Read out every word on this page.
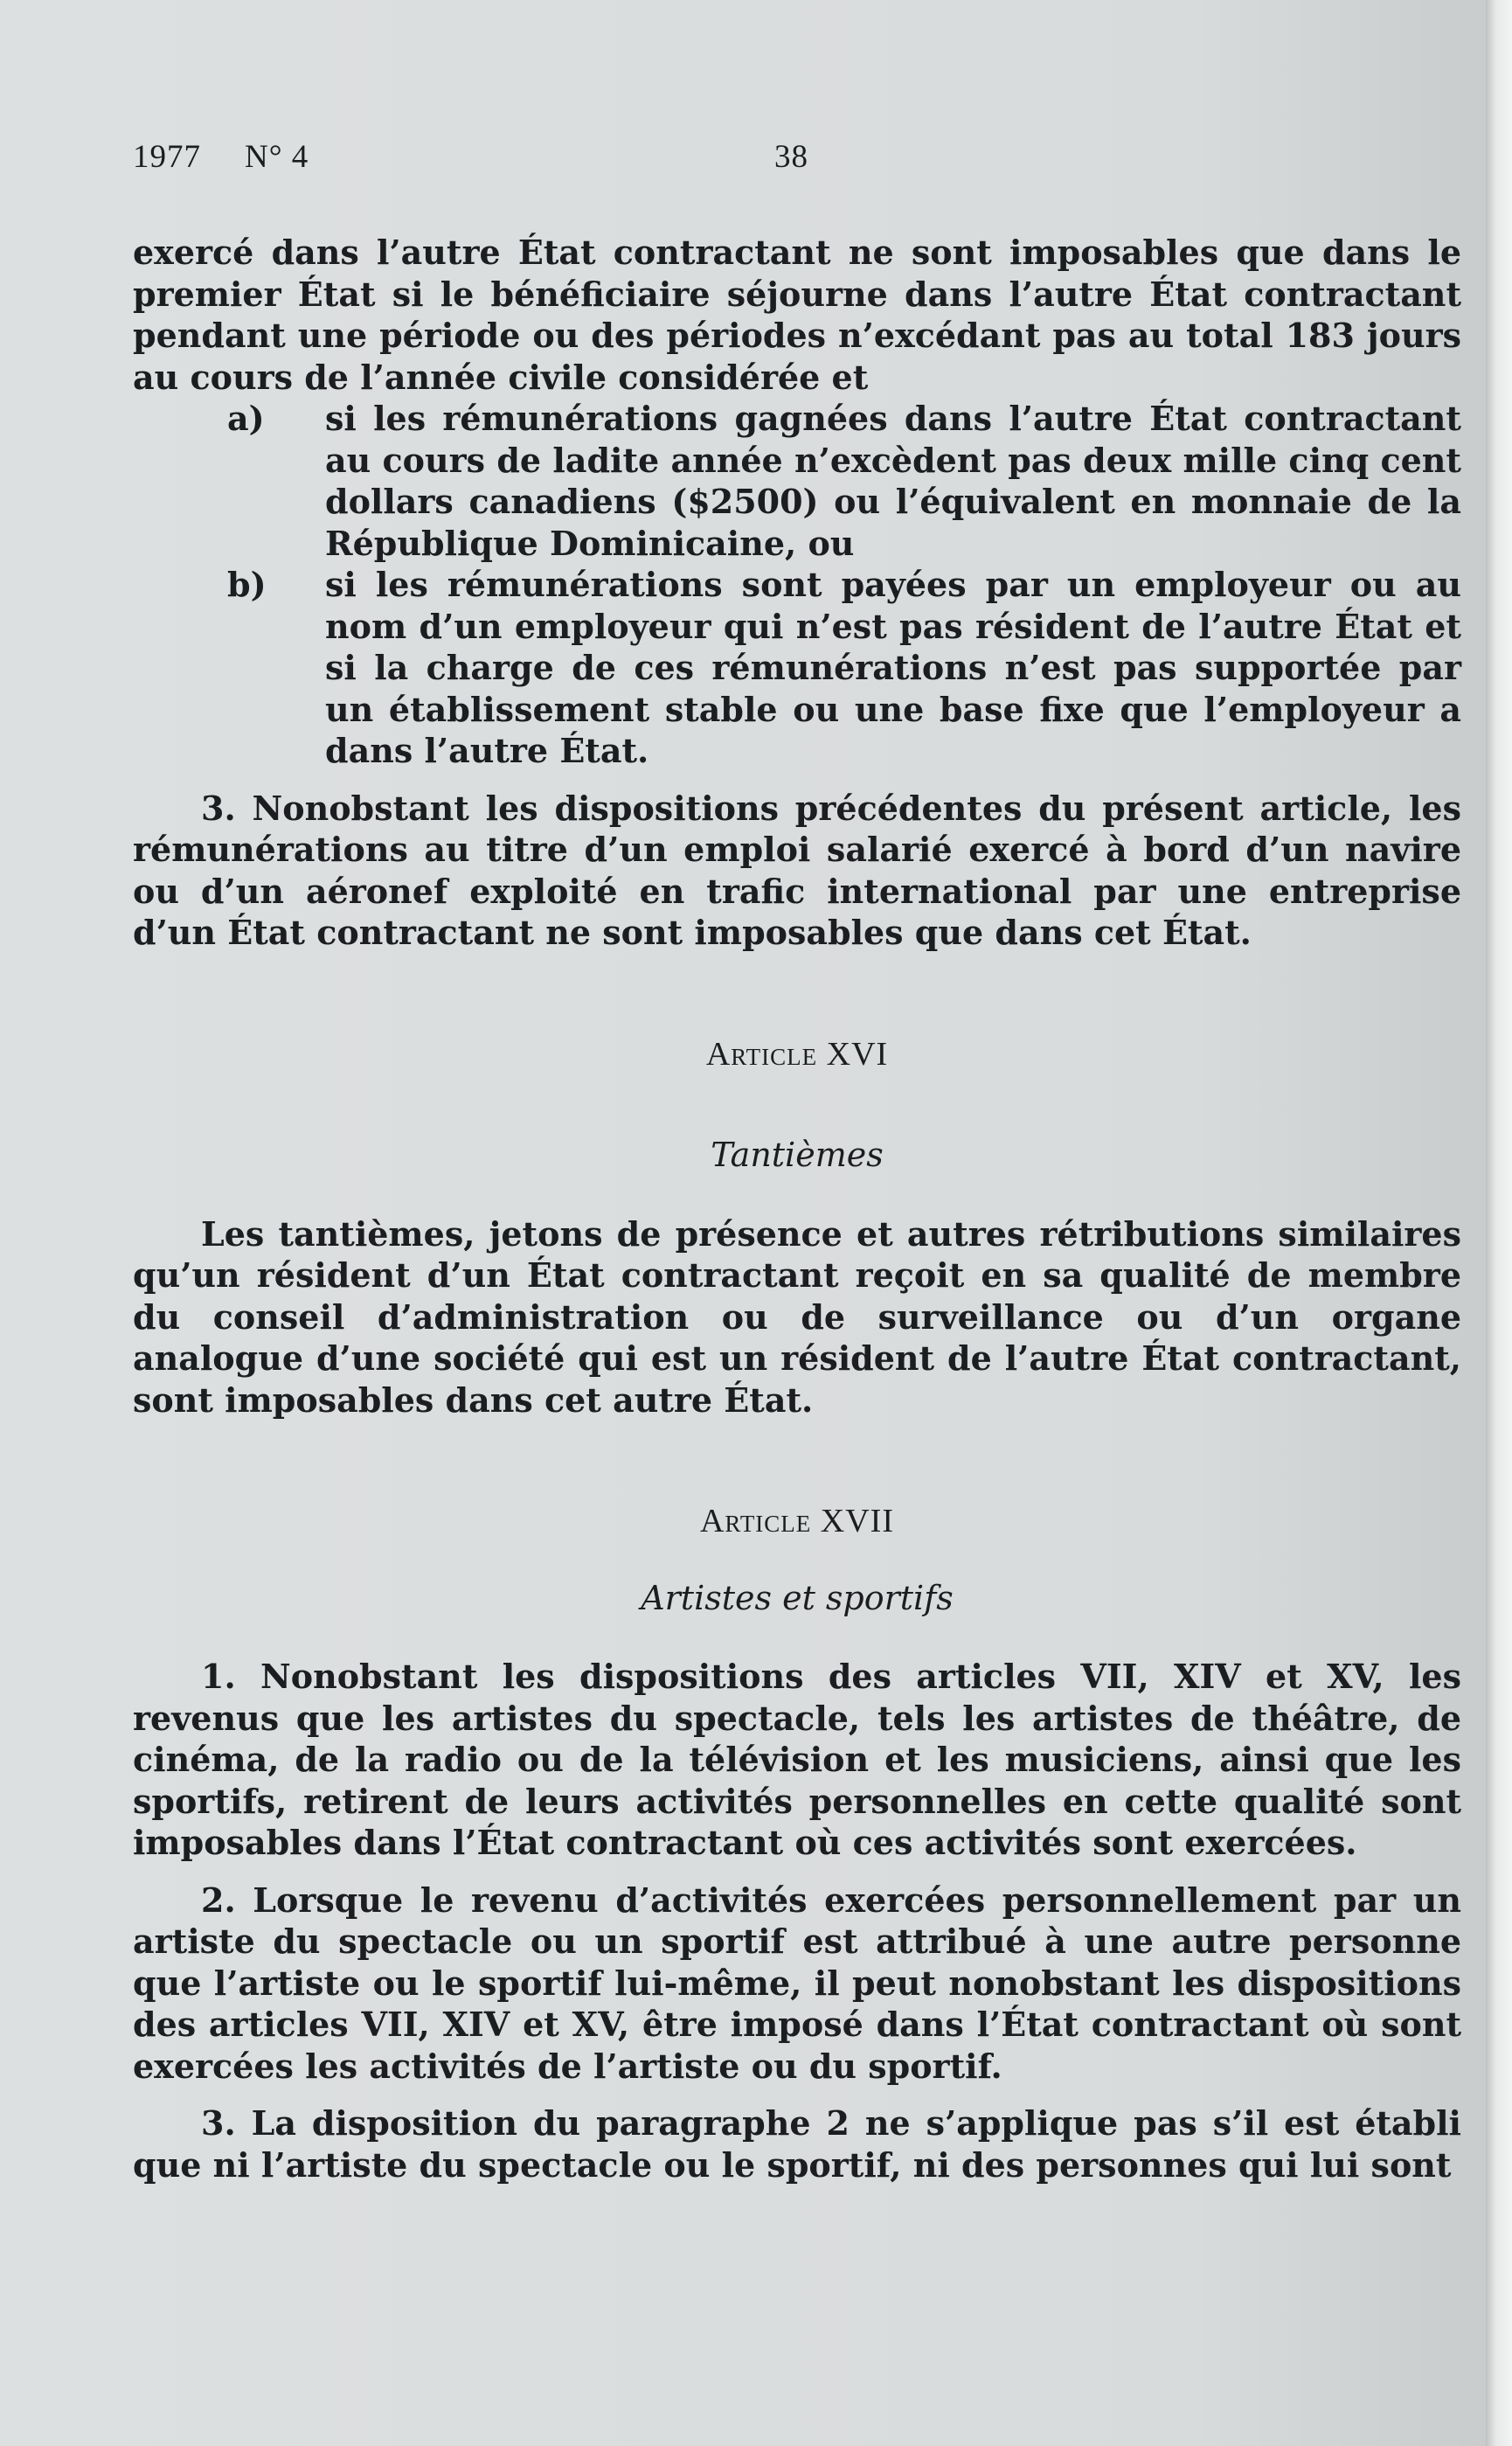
1977 N° 4	38

exercé dans l’autre État contractant ne sont imposables que dans le premier État si le bénéficiaire séjourne dans l’autre État contractant pendant une période ou des périodes n’excédant pas au total 183 jours au cours de l’année civile considérée et

a)	si les rémunérations gagnées dans l’autre État contractant au cours de ladite année n’excèdent pas deux mille cinq cent dollars canadiens ($2500) ou l’équivalent en monnaie de la République Dominicaine, ou
b)	si les rémunérations sont payées par un employeur ou au nom d’un employeur qui n’est pas résident de l’autre État et si la charge de ces rémunérations n’est pas supportée par un établissement stable ou une base fixe que l’employeur a dans l’autre État.

3. Nonobstant les dispositions précédentes du présent article, les rémunérations au titre d’un emploi salarié exercé à bord d’un navire ou d’un aéronef exploité en trafic international par une entreprise d’un État contractant ne sont imposables que dans cet État.

Article XVI

Tantièmes

Les tantièmes, jetons de présence et autres rétributions similaires qu’un résident d’un État contractant reçoit en sa qualité de membre du conseil d’administration ou de surveillance ou d’un organe analogue d’une société qui est un résident de l’autre État contractant, sont imposables dans cet autre État.

Article XVII

Artistes et sportifs

1. Nonobstant les dispositions des articles VII, XIV et XV, les revenus que les artistes du spectacle, tels les artistes de théâtre, de cinéma, de la radio ou de la télévision et les musiciens, ainsi que les sportifs, retirent de leurs activités personnelles en cette qualité sont imposables dans l’État contractant où ces activités sont exercées.

2. Lorsque le revenu d’activités exercées personnellement par un artiste du spectacle ou un sportif est attribué à une autre personne que l’artiste ou le sportif lui-même, il peut nonobstant les dispositions des articles VII, XIV et XV, être imposé dans l’État contractant où sont exercées les activités de l’artiste ou du sportif.

3. La disposition du paragraphe 2 ne s’applique pas s’il est établi que ni l’artiste du spectacle ou le sportif, ni des personnes qui lui sont
